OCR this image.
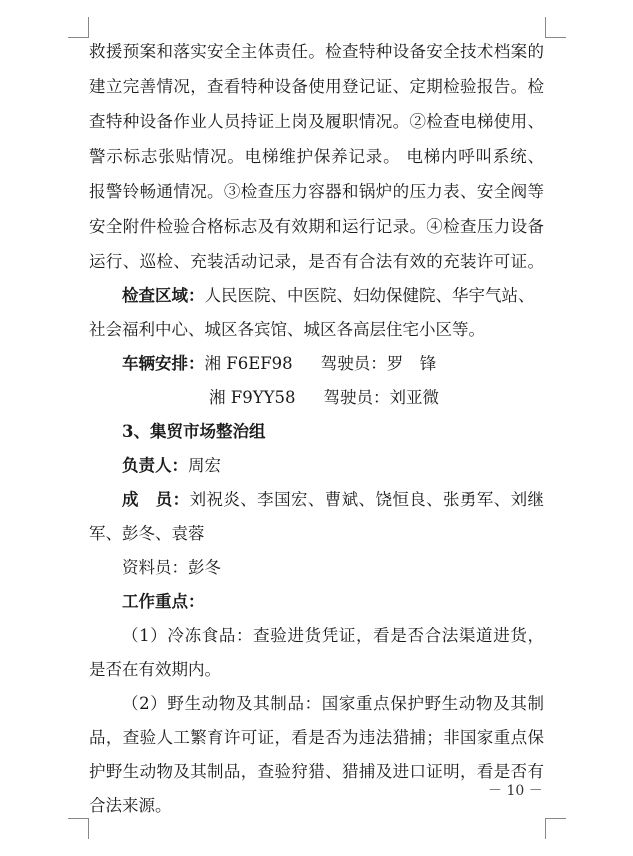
救援预案和落实安全主体责任。检查特种设备安全技术档案的
建立完善情况，查看特种设备使用登记证、定期检验报告。检
查特种设备作业人员持证上岗及履职情况。②检查电梯使用、
警示标志张贴情况。电梯维护保养记录。 电梯内呼叫系统、
报警铃畅通情况。③检查压力容器和锅炉的压力表、安全阀等
安全附件检验合格标志及有效期和运行记录。④检查压力设备
运行、巡检、充装活动记录，是否有合法有效的充装许可证。
检查区域：人民医院、中医院、妇幼保健院、华宇气站、
社会福利中心、城区各宾馆、城区各高层住宅小区等。
车辆安排：湘 F6EF98 驾驶员：罗　锋
湘 F9YY58 驾驶员：刘亚微
3、集贸市场整治组
负责人：周宏
成　员：刘祝炎、李国宏、曹斌、饶恒良、张勇军、刘继
军、彭冬、袁蓉
资料员：彭冬
工作重点：
（1）冷冻食品：查验进货凭证，看是否合法渠道进货，
是否在有效期内。
（2）野生动物及其制品：国家重点保护野生动物及其制
品，查验人工繁育许可证，看是否为违法猎捕；非国家重点保
护野生动物及其制品，查验狩猎、猎捕及进口证明，看是否有
合法来源。
－ 10 －
